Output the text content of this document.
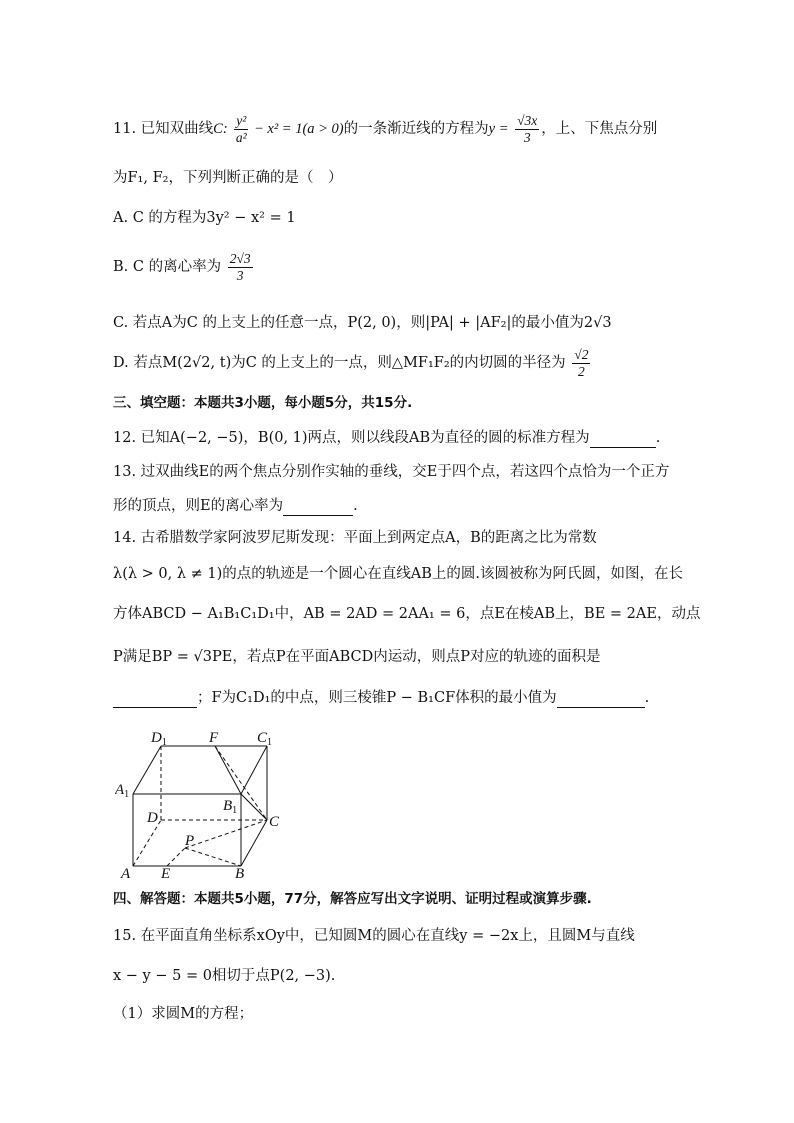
11. 已知双曲线C: $\frac{\text{y²}}{\text{a²}} - x^2 = 1(a > 0)$的一条渐近线的方程为$y = \frac{√3x}{3}$ ，上、下焦点分别
为F₁, F₂，下列判断正确的是（　）
A. C 的方程为3y² − x² = 1
B. C 的离心率为 $\frac{2√3}{3}$
C. 若点A为C 的上支上的任意一点，P(2, 0)，则|PA| + |AF₂|的最小值为2√3
D. 若点M(2√2, t)为C 的上支上的一点，则△MF₁F₂的内切圆的半径为 $\frac{√2}{2}$
三、填空题：本题共3小题，每小题5分，共15分.
12. 已知A(−2, −5)，B(0, 1)两点，则以线段AB为直径的圆的标准方程为	.
13. 过双曲线E的两个焦点分别作实轴的垂线，交E于四个点，若这四个点恰为一个正方
形的顶点，则E的离心率为	.
14. 古希腊数学家阿波罗尼斯发现：平面上到两定点A，B的距离之比为常数
λ(λ > 0, λ ≠ 1)的点的轨迹是一个圆心在直线AB上的圆.该圆被称为阿氏圆，如图，在长
方体ABCD − A₁B₁C₁D₁中，AB = 2AD = 2AA₁ = 6，点E在棱AB上，BE = 2AE，动点
P满足BP = √3PE，若点P在平面ABCD内运动，则点P对应的轨迹的面积是
；F为C₁D₁的中点，则三棱锥P − B₁CF体积的最小值为	.
$D_1$	F	$C_1$
$A_1$
$B_1$
D	C
P
A E	B
四、解答题：本题共5小题，77分，解答应写出文字说明、证明过程或演算步骤.
15. 在平面直角坐标系xOy中，已知圆M的圆心在直线y = −2x上，且圆M与直线
x − y − 5 = 0相切于点P(2, −3).
（1）求圆M的方程；
